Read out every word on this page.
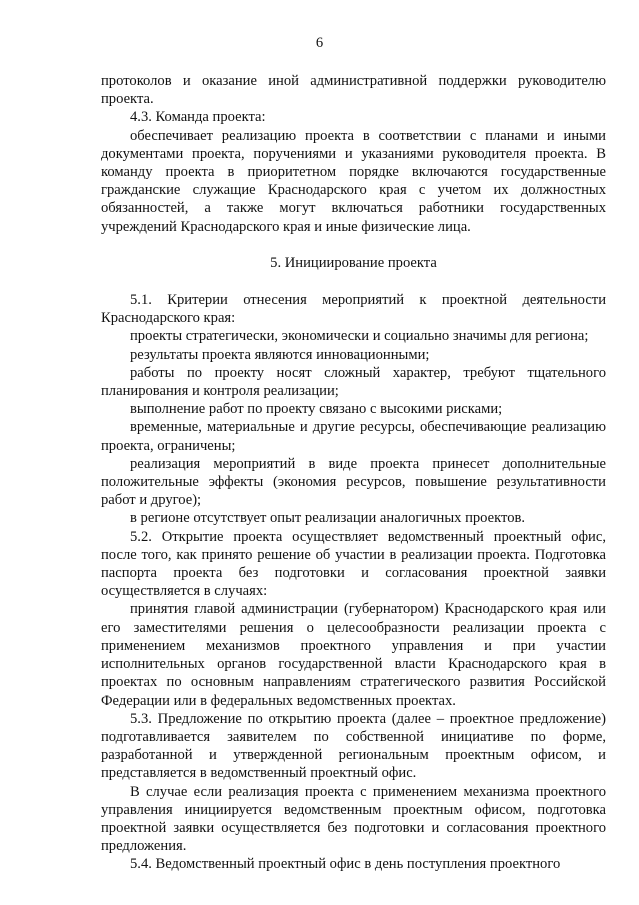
6

протоколов и оказание иной административной поддержки руководителю проекта.

4.3. Команда проекта:

обеспечивает реализацию проекта в соответствии с планами и иными документами проекта, поручениями и указаниями руководителя проекта. В команду проекта в приоритетном порядке включаются государственные гражданские служащие Краснодарского края с учетом их должностных обязанностей, а также могут включаться работники государственных учреждений Краснодарского края и иные физические лица.

5. Инициирование проекта

5.1. Критерии отнесения мероприятий к проектной деятельности Краснодарского края:

проекты стратегически, экономически и социально значимы для региона;

результаты проекта являются инновационными;

работы по проекту носят сложный характер, требуют тщательного планирования и контроля реализации;

выполнение работ по проекту связано с высокими рисками;

временные, материальные и другие ресурсы, обеспечивающие реализацию проекта, ограничены;

реализация мероприятий в виде проекта принесет дополнительные положительные эффекты (экономия ресурсов, повышение результативности работ и другое);

в регионе отсутствует опыт реализации аналогичных проектов.

5.2. Открытие проекта осуществляет ведомственный проектный офис, после того, как принято решение об участии в реализации проекта. Подготовка паспорта проекта без подготовки и согласования проектной заявки осуществляется в случаях:

принятия главой администрации (губернатором) Краснодарского края или его заместителями решения о целесообразности реализации проекта с применением механизмов проектного управления и при участии исполнительных органов государственной власти Краснодарского края в проектах по основным направлениям стратегического развития Российской Федерации или в федеральных ведомственных проектах.

5.3. Предложение по открытию проекта (далее – проектное предложение) подготавливается заявителем по собственной инициативе по форме, разработанной и утвержденной региональным проектным офисом, и представляется в ведомственный проектный офис.

В случае если реализация проекта с применением механизма проектного управления инициируется ведомственным проектным офисом, подготовка проектной заявки осуществляется без подготовки и согласования проектного предложения.

5.4. Ведомственный проектный офис в день поступления проектного
